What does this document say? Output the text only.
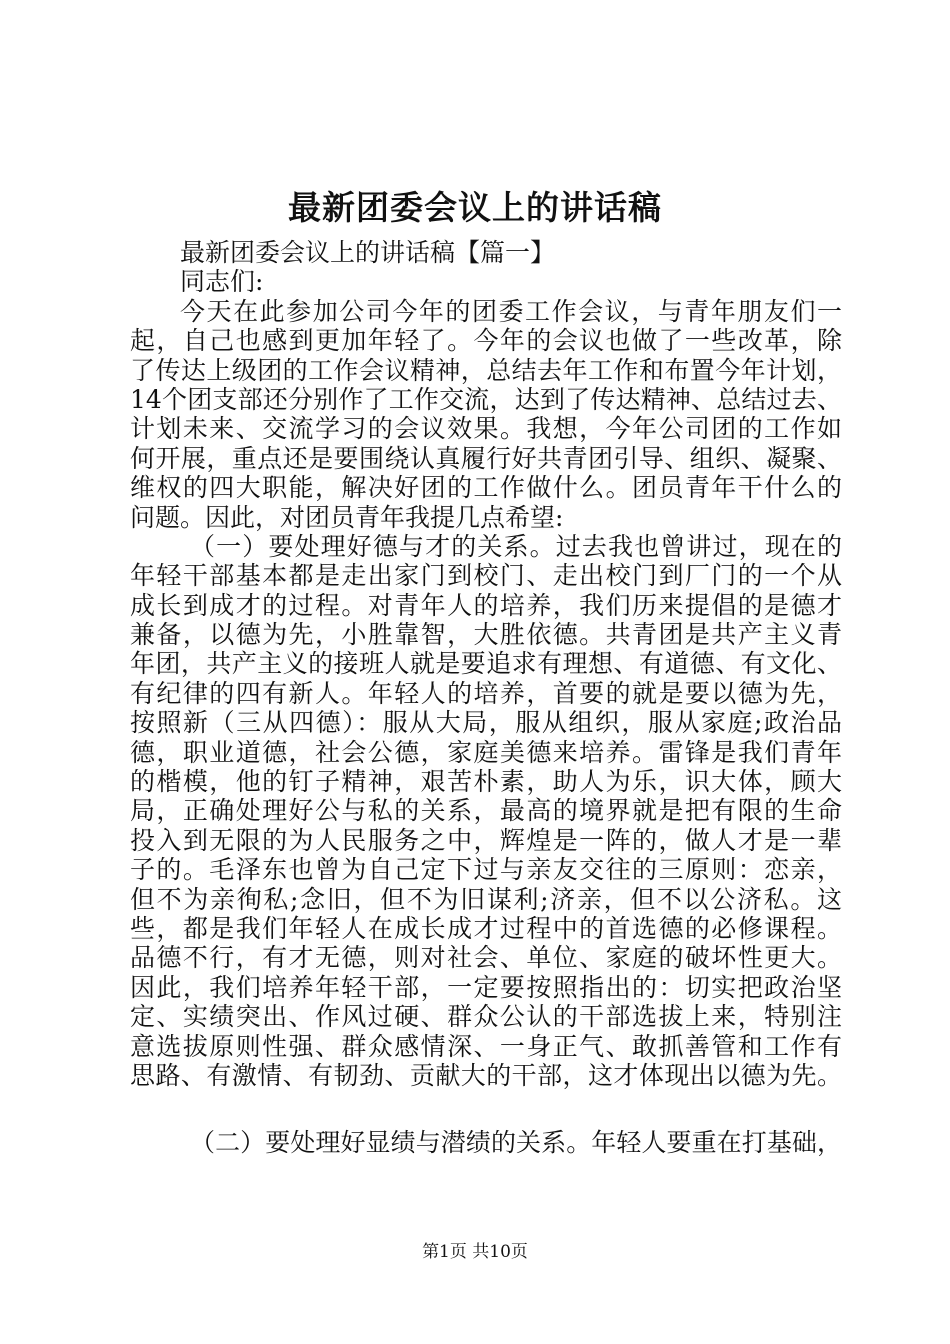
最新团委会议上的讲话稿
最新团委会议上的讲话稿【篇一】
同志们:
今天在此参加公司今年的团委工作会议，与青年朋友们一
起，自己也感到更加年轻了。今年的会议也做了一些改革，除
了传达上级团的工作会议精神，总结去年工作和布置今年计划，
14个团支部还分别作了工作交流，达到了传达精神、总结过去、
计划未来、交流学习的会议效果。我想，今年公司团的工作如
何开展，重点还是要围绕认真履行好共青团引导、组织、凝聚、
维权的四大职能，解决好团的工作做什么。团员青年干什么的
问题。因此，对团员青年我提几点希望:
（一）要处理好德与才的关系。过去我也曾讲过，现在的
年轻干部基本都是走出家门到校门、走出校门到厂门的一个从
成长到成才的过程。对青年人的培养，我们历来提倡的是德才
兼备，以德为先，小胜靠智，大胜依德。共青团是共产主义青
年团，共产主义的接班人就是要追求有理想、有道德、有文化、
有纪律的四有新人。年轻人的培养，首要的就是要以德为先，
按照新（三从四德）：服从大局，服从组织，服从家庭;政治品
德，职业道德，社会公德，家庭美德来培养。雷锋是我们青年
的楷模，他的钉子精神，艰苦朴素，助人为乐，识大体，顾大
局，正确处理好公与私的关系，最高的境界就是把有限的生命
投入到无限的为人民服务之中，辉煌是一阵的，做人才是一辈
子的。毛泽东也曾为自己定下过与亲友交往的三原则：恋亲，
但不为亲徇私;念旧，但不为旧谋利;济亲，但不以公济私。这
些，都是我们年轻人在成长成才过程中的首选德的必修课程。
品德不行，有才无德，则对社会、单位、家庭的破坏性更大。
因此，我们培养年轻干部，一定要按照指出的：切实把政治坚
定、实绩突出、作风过硬、群众公认的干部选拔上来，特别注
意选拔原则性强、群众感情深、一身正气、敢抓善管和工作有
思路、有激情、有韧劲、贡献大的干部，这才体现出以德为先。
（二）要处理好显绩与潜绩的关系。年轻人要重在打基础，
第1页 共10页
